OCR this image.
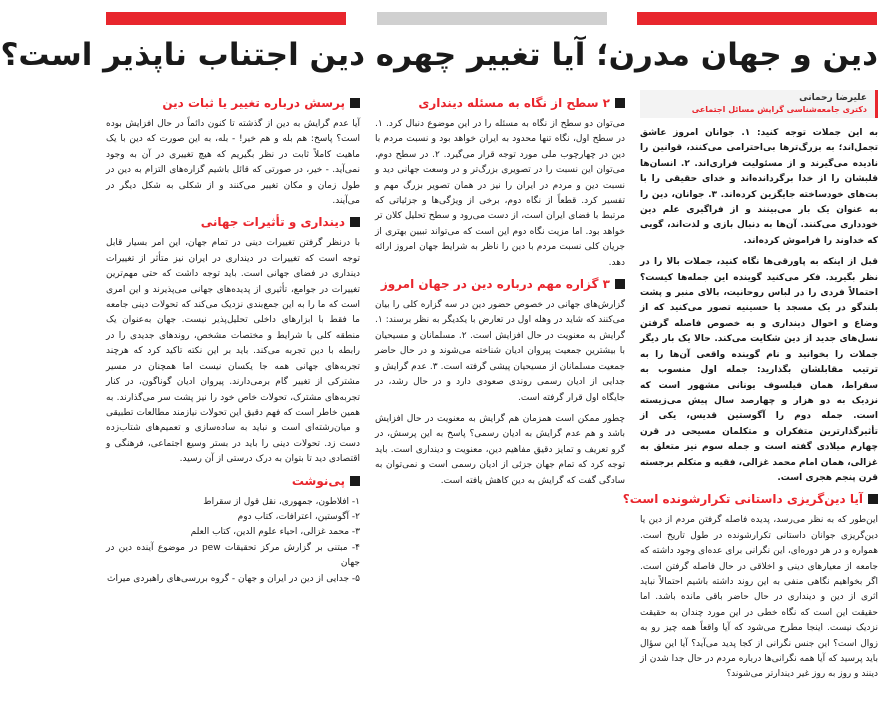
دین و جهان مدرن؛ آیا تغییر چهره دین اجتناب ناپذیر است؟
علیرضا رحمانی
دکتری جامعه‌شناسی گرایش مسائل اجتماعی

به این جملات توجه کنید: ۱. جوانان امروز عاشق تجمل‌اند؛ به بزرگ‌ترها بی‌احترامی می‌کنند، قوانین را نادیده می‌گیرند و از مسئولیت فراری‌اند. ۲. انسان‌ها قلبشان را از خدا برگردانده‌اند و خدای حقیقی را با بت‌های خودساخته جایگزین کرده‌اند. ۳. جوانان، دین را به عنوان یک بار می‌بینند و از فراگیری علم دین خودداری می‌کنند. آن‌ها به دنبال بازی و لذت‌اند، گویی که خداوند را فراموش کرده‌اند.

قبل از اینکه به پاورقی‌ها نگاه کنید، جملات بالا را در نظر بگیرید. فکر می‌کنید گوینده این جمله‌ها کیست؟ احتمالاً فردی را در لباس روحانیت، بالای منبر و پشت بلندگو در یک مسجد یا حسینیه تصور می‌کنید که از وضاع و احوال دینداری و به خصوص فاصله گرفتن نسل‌های جدید از دین شکایت می‌کند. حالا یک بار دیگر جملات را بخوانید و نام گوینده واقعی آن‌ها را به ترتیب مقابلشان بگذارید: جمله اول منسوب به سقراط، همان فیلسوف یونانی مشهور است که نزدیک به دو هزار و چهارصد سال پیش می‌زیسته است. جمله دوم را آگوستین قدیس، یکی از تأثیرگذارترین متفکران و متکلمان مسیحی در قرن چهارم میلادی گفته است و جمله سوم نیز متعلق به غزالی، همان امام محمد غزالی، فقیه و متکلم برجسته قرن پنجم هجری است.

آیا دین‌گریزی داستانی تکرارشونده است؟

این‌طور که به نظر می‌رسد، پدیده فاصله گرفتن مردم از دین یا دین‌گریزی جوانان داستانی تکرارشونده در طول تاریخ است. همواره و در هر دوره‌ای، این نگرانی برای عده‌ای وجود داشته که جامعه از معیارهای دینی و اخلاقی در حال فاصله گرفتن است. اگر بخواهیم نگاهی منفی به این روند داشته باشیم احتمالاً نباید اثری از دین و دینداری در حال حاضر باقی مانده باشد. اما حقیقت این است که نگاه خطی در این مورد چندان به حقیقت نزدیک نیست. اینجا مطرح می‌شود که آیا واقعاً همه چیز رو به زوال است؟ این جنس نگرانی از کجا پدید می‌آید؟ آیا این سؤال باید پرسید که آیا همه نگرانی‌ها درباره مردم در حال جدا شدن از دینند و روز به روز غیر دیندارتر می‌شوند؟

۲ سطح از نگاه به مسئله دینداری

می‌توان دو سطح از نگاه به مسئله را در این موضوع دنبال کرد. ۱. در سطح اول، نگاه تنها محدود به ایران خواهد بود و نسبت مردم با دین در چهارچوب ملی مورد توجه قرار می‌گیرد. ۲. در سطح دوم، می‌توان این نسبت را در تصویری بزرگ‌تر و در وسعت جهانی دید و نسبت دین و مردم در ایران را نیز در همان تصویر بزرگ مهم و تفسیر کرد. قطعاً از نگاه دوم، برخی از ویژگی‌ها و جزئیاتی که مرتبط با فضای ایران است، از دست می‌رود و سطح تحلیل کلان تر خواهد بود. اما مزیت نگاه دوم این است که می‌تواند تبیین بهتری از جریان کلی نسبت مردم با دین را ناظر به شرایط جهان امروز ارائه دهد.

۳ گزاره مهم درباره دین در جهان امروز

گزارش‌های جهانی در خصوص حضور دین در سه گزاره کلی را بیان می‌کنند که شاید در وهله اول در تعارض با یکدیگر به نظر برسند: ۱. گرایش به معنویت در حال افزایش است. ۲. مسلمانان و مسیحیان با بیشترین جمعیت پیروان ادیان شناخته می‌شوند و در حال حاضر جمعیت مسلمانان از مسیحیان پیشی گرفته است. ۳. عدم گرایش و جدایی از ادیان رسمی روندی صعودی دارد و در حال رشد، در جایگاه اول قرار گرفته است.

چطور ممکن است همزمان هم گرایش به معنویت در حال افزایش باشد و هم عدم گرایش به ادیان رسمی؟ پاسخ به این پرسش، در گرو تعریف و تمایز دقیق مفاهیم دین، معنویت و دینداری است. باید توجه کرد که تمام جهان جزئی از ادیان رسمی است و نمی‌توان به سادگی گفت که گرایش به دین کاهش یافته است.

پرسش درباره تغییر یا ثبات دین

آیا عدم گرایش به دین از گذشته تا کنون دائماً در حال افزایش بوده است؟ پاسخ: هم بله و هم خیر! - بله، به این صورت که دین با یک ماهیت کاملاً ثابت در نظر بگیریم که هیچ تغییری در آن به وجود نمی‌آید. - خیر، در صورتی که قائل باشیم گزاره‌های التزام به دین در طول زمان و مکان تغییر می‌کنند و از شکلی به شکل دیگر در می‌آیند.

دینداری و تأثیرات جهانی

با درنظر گرفتن تغییرات دینی در تمام جهان، این امر بسیار قابل توجه است که تغییرات در دینداری در ایران نیز متأثر از تغییرات دینداری در فضای جهانی است. باید توجه داشت که حتی مهم‌ترین تغییرات در جوامع، تأثیری از پدیده‌های جهانی می‌پذیرند و این امری است که ما را به این جمع‌بندی نزدیک می‌کند که تحولات دینی جامعه ما فقط با ابزارهای داخلی تحلیل‌پذیر نیست. جهان به‌عنوان یک منطقه کلی با شرایط و مختصات مشخص، روندهای جدیدی را در رابطه با دین تجربه می‌کند. باید بر این نکته تاکید کرد که هرچند تجربه‌های جهانی همه جا یکسان نیست اما همچنان در مسیر مشترکی از تغییر گام برمی‌دارند. پیروان ادیان گوناگون، در کنار تجربه‌های مشترک، تحولات خاص خود را نیز پشت سر می‌گذارند. به همین خاطر است که فهم دقیق این تحولات نیازمند مطالعات تطبیقی و میان‌رشته‌ای است و نباید به ساده‌سازی و تعمیم‌های شتاب‌زده دست زد. تحولات دینی را باید در بستر وسیع اجتماعی، فرهنگی و اقتصادی دید تا بتوان به درک درستی از آن رسید.

پی‌نوشت

۱- افلاطون، جمهوری، نقل قول از سقراط

۲- آگوستین، اعترافات، کتاب دوم

۳- محمد غزالی، احیاء علوم الدین، کتاب العلم

۴- مبتنی بر گزارش مرکز تحقیقات pew در موضوع آینده دین در جهان

۵- جدایی از دین در ایران و جهان - گروه بررسی‌های راهبردی میراث
